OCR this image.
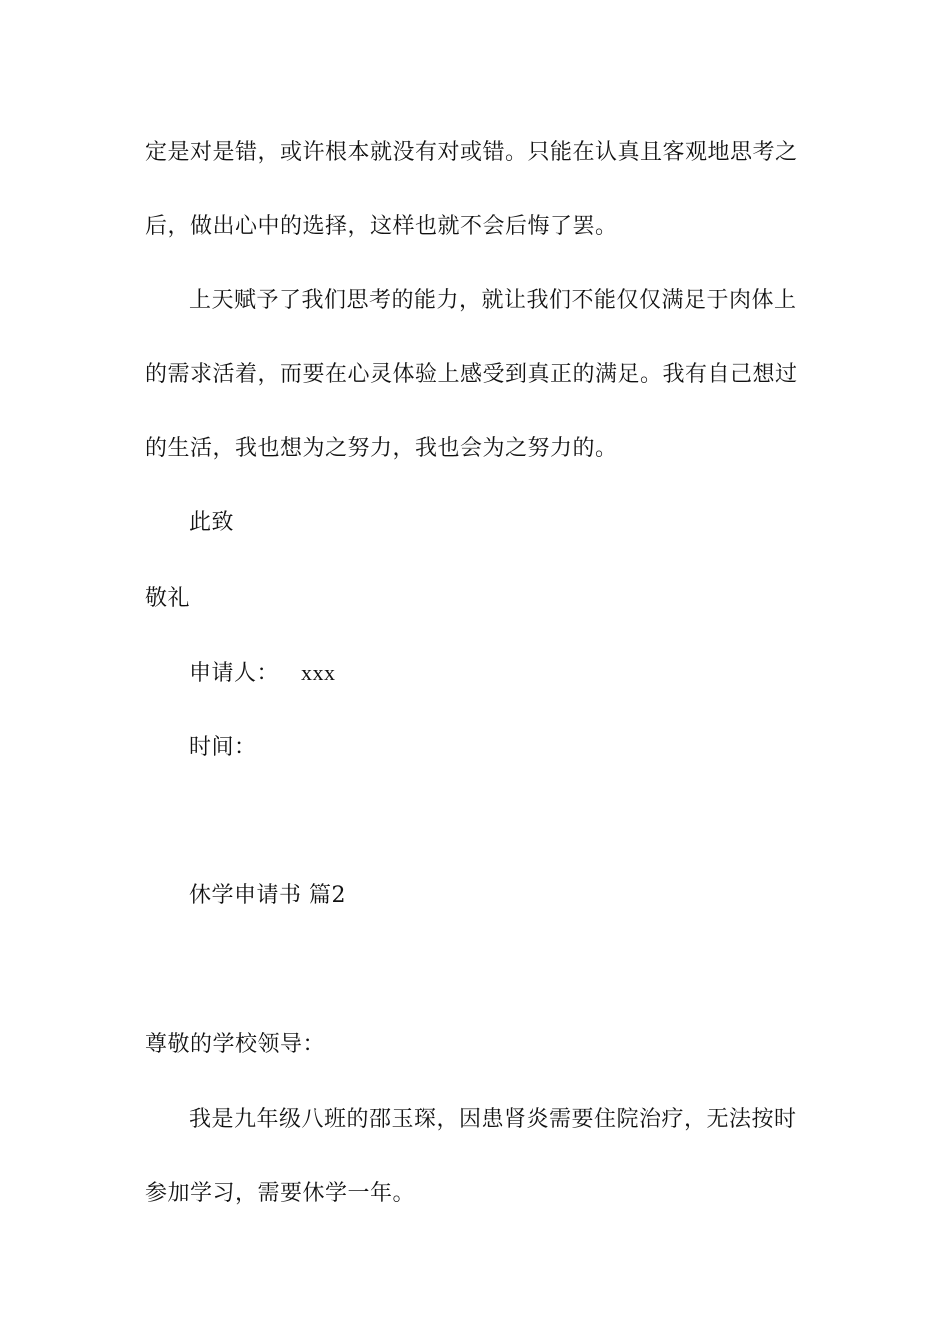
定是对是错，或许根本就没有对或错。只能在认真且客观地思考之

后，做出心中的选择，这样也就不会后悔了罢。

上天赋予了我们思考的能力，就让我们不能仅仅满足于肉体上

的需求活着，而要在心灵体验上感受到真正的满足。我有自己想过

的生活，我也想为之努力，我也会为之努力的。

此致

敬礼

申请人： xxx

时间：

休学申请书 篇2

尊敬的学校领导：

我是九年级八班的邵玉琛，因患肾炎需要住院治疗，无法按时

参加学习，需要休学一年。
